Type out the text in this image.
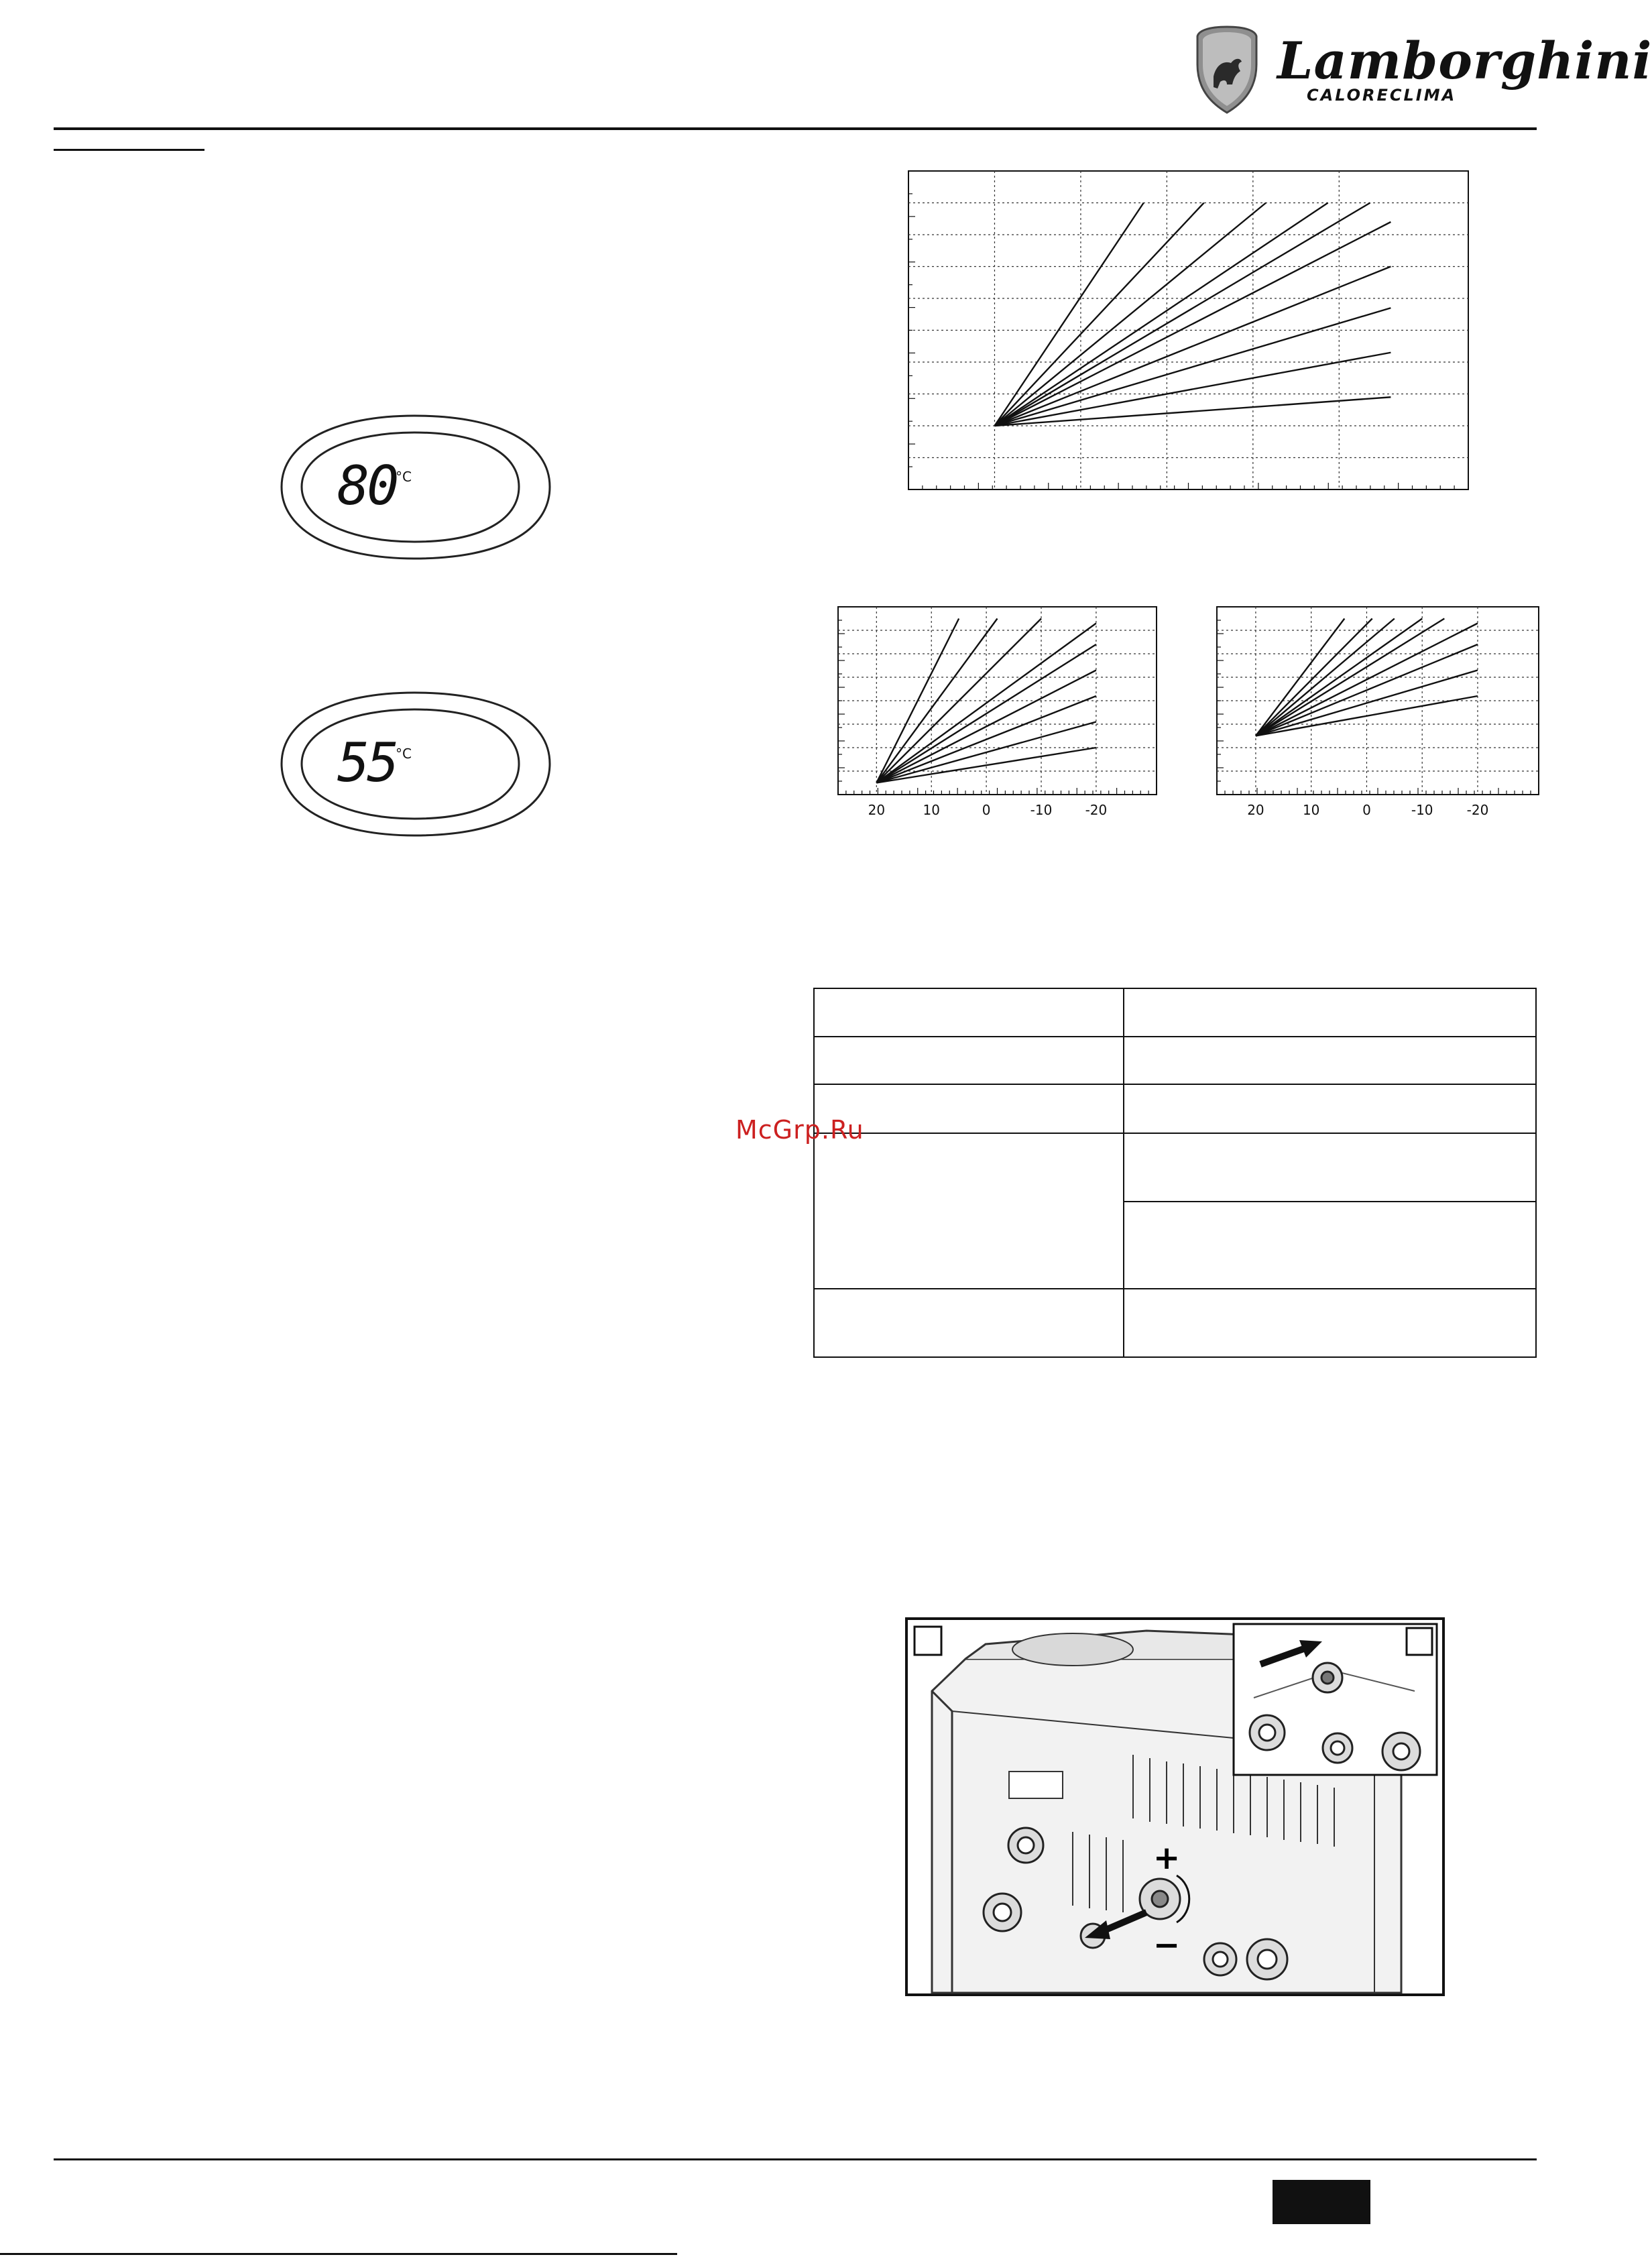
Lamborghini
CALORECLIMA
80
°C
55
°C
20	10	0	-10 -20	20	10	0	-10	-20

McGrp.Ru
+
−
